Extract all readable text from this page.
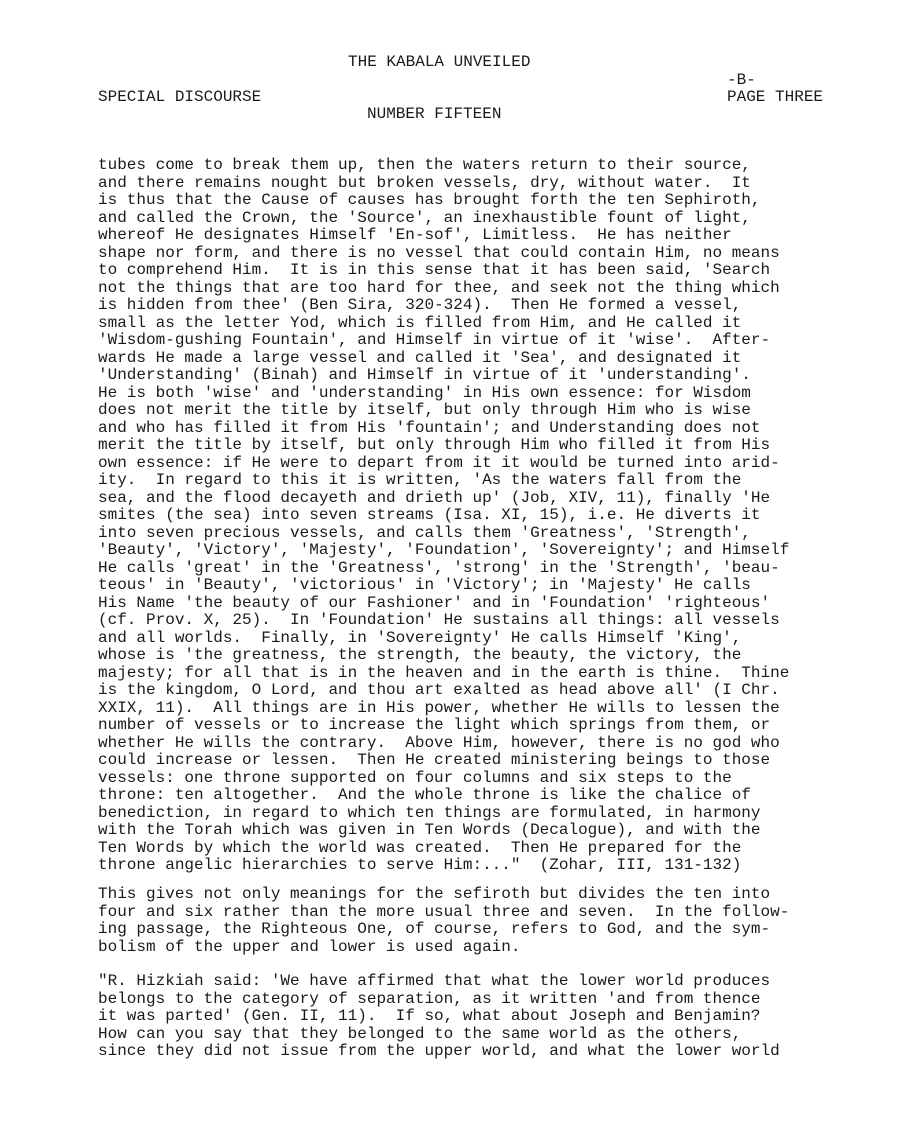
THE KABALA UNVEILED
SPECIAL DISCOURSE
-B-
PAGE THREE
NUMBER FIFTEEN
tubes come to break them up, then the waters return to their source,
and there remains nought but broken vessels, dry, without water.  It
is thus that the Cause of causes has brought forth the ten Sephiroth,
and called the Crown, the 'Source', an inexhaustible fount of light,
whereof He designates Himself 'En-sof', Limitless.  He has neither
shape nor form, and there is no vessel that could contain Him, no means
to comprehend Him.  It is in this sense that it has been said, 'Search
not the things that are too hard for thee, and seek not the thing which
is hidden from thee' (Ben Sira, 320-324).  Then He formed a vessel,
small as the letter Yod, which is filled from Him, and He called it
'Wisdom-gushing Fountain', and Himself in virtue of it 'wise'.  After-
wards He made a large vessel and called it 'Sea', and designated it
'Understanding' (Binah) and Himself in virtue of it 'understanding'.
He is both 'wise' and 'understanding' in His own essence: for Wisdom
does not merit the title by itself, but only through Him who is wise
and who has filled it from His 'fountain'; and Understanding does not
merit the title by itself, but only through Him who filled it from His
own essence: if He were to depart from it it would be turned into arid-
ity.  In regard to this it is written, 'As the waters fall from the
sea, and the flood decayeth and drieth up' (Job, XIV, 11), finally 'He
smites (the sea) into seven streams (Isa. XI, 15), i.e. He diverts it
into seven precious vessels, and calls them 'Greatness', 'Strength',
'Beauty', 'Victory', 'Majesty', 'Foundation', 'Sovereignty'; and Himself
He calls 'great' in the 'Greatness', 'strong' in the 'Strength', 'beau-
teous' in 'Beauty', 'victorious' in 'Victory'; in 'Majesty' He calls
His Name 'the beauty of our Fashioner' and in 'Foundation' 'righteous'
(cf. Prov. X, 25).  In 'Foundation' He sustains all things: all vessels
and all worlds.  Finally, in 'Sovereignty' He calls Himself 'King',
whose is 'the greatness, the strength, the beauty, the victory, the
majesty; for all that is in the heaven and in the earth is thine.  Thine
is the kingdom, O Lord, and thou art exalted as head above all' (I Chr.
XXIX, 11).  All things are in His power, whether He wills to lessen the
number of vessels or to increase the light which springs from them, or
whether He wills the contrary.  Above Him, however, there is no god who
could increase or lessen.  Then He created ministering beings to those
vessels: one throne supported on four columns and six steps to the
throne: ten altogether.  And the whole throne is like the chalice of
benediction, in regard to which ten things are formulated, in harmony
with the Torah which was given in Ten Words (Decalogue), and with the
Ten Words by which the world was created.  Then He prepared for the
throne angelic hierarchies to serve Him:..."  (Zohar, III, 131-132)
This gives not only meanings for the sefiroth but divides the ten into
four and six rather than the more usual three and seven.  In the follow-
ing passage, the Righteous One, of course, refers to God, and the sym-
bolism of the upper and lower is used again.
"R. Hizkiah said: 'We have affirmed that what the lower world produces
belongs to the category of separation, as it written 'and from thence
it was parted' (Gen. II, 11).  If so, what about Joseph and Benjamin?
How can you say that they belonged to the same world as the others,
since they did not issue from the upper world, and what the lower world
